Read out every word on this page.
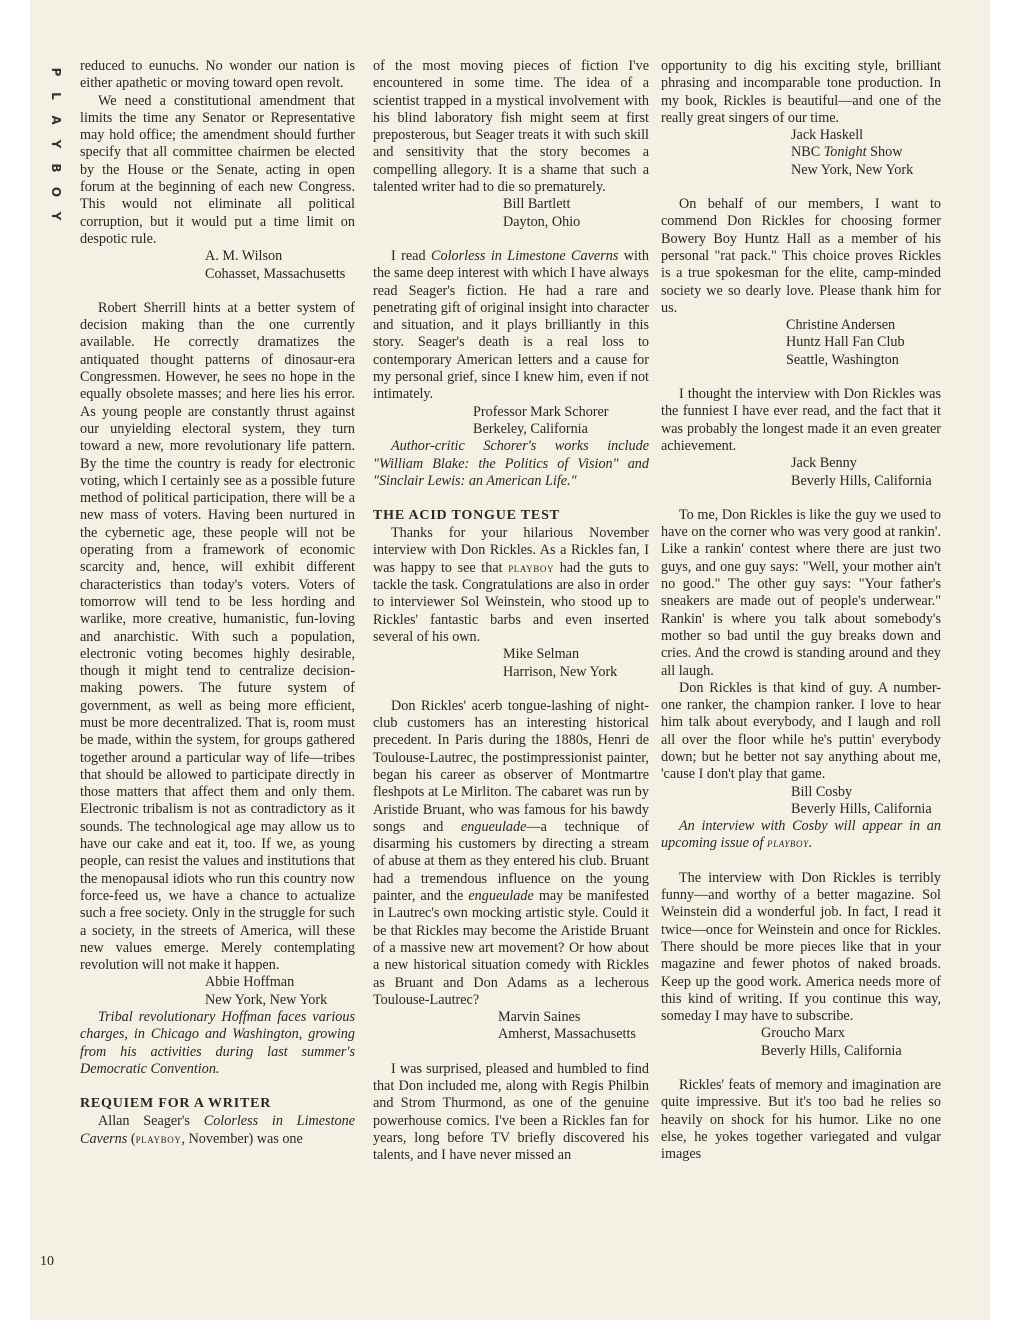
P
L
A
Y
B
O
Y
10

reduced to eunuchs. No wonder our nation is either apathetic or moving toward open revolt.

We need a constitutional amendment that limits the time any Senator or Representative may hold office; the amendment should further specify that all committee chairmen be elected by the House or the Senate, acting in open forum at the beginning of each new Congress. This would not eliminate all political corruption, but it would put a time limit on despotic rule.

A. M. Wilson

Cohasset, Massachusetts

Robert Sherrill hints at a better system of decision making than the one currently available. He correctly dramatizes the antiquated thought patterns of dinosaur-era Congressmen. However, he sees no hope in the equally obsolete masses; and here lies his error. As young people are constantly thrust against our unyielding electoral system, they turn toward a new, more revolutionary life pattern. By the time the country is ready for electronic voting, which I certainly see as a possible future method of political participation, there will be a new mass of voters. Having been nurtured in the cybernetic age, these people will not be operating from a framework of economic scarcity and, hence, will exhibit different characteristics than today's voters. Voters of tomorrow will tend to be less hording and warlike, more creative, humanistic, fun-loving and anarchistic. With such a population, electronic voting becomes highly desirable, though it might tend to centralize decision-making powers. The future system of government, as well as being more efficient, must be more decentralized. That is, room must be made, within the system, for groups gathered together around a particular way of life—tribes that should be allowed to participate directly in those matters that affect them and only them. Electronic tribalism is not as contradictory as it sounds. The technological age may allow us to have our cake and eat it, too. If we, as young people, can resist the values and institutions that the menopausal idiots who run this country now force-feed us, we have a chance to actualize such a free society. Only in the struggle for such a society, in the streets of America, will these new values emerge. Merely contemplating revolution will not make it happen.

Abbie Hoffman

New York, New York

Tribal revolutionary Hoffman faces various charges, in Chicago and Washington, growing from his activities during last summer's Democratic Convention.

REQUIEM FOR A WRITER

Allan Seager's Colorless in Limestone Caverns (playboy, November) was one

of the most moving pieces of fiction I've encountered in some time. The idea of a scientist trapped in a mystical involvement with his blind laboratory fish might seem at first preposterous, but Seager treats it with such skill and sensitivity that the story becomes a compelling allegory. It is a shame that such a talented writer had to die so prematurely.

Bill Bartlett

Dayton, Ohio

I read Colorless in Limestone Caverns with the same deep interest with which I have always read Seager's fiction. He had a rare and penetrating gift of original insight into character and situation, and it plays brilliantly in this story. Seager's death is a real loss to contemporary American letters and a cause for my personal grief, since I knew him, even if not intimately.

Professor Mark Schorer

Berkeley, California

Author-critic Schorer's works include "William Blake: the Politics of Vision" and "Sinclair Lewis: an American Life."

THE ACID TONGUE TEST

Thanks for your hilarious November interview with Don Rickles. As a Rickles fan, I was happy to see that playboy had the guts to tackle the task. Congratulations are also in order to interviewer Sol Weinstein, who stood up to Rickles' fantastic barbs and even inserted several of his own.

Mike Selman

Harrison, New York

Don Rickles' acerb tongue-lashing of night-club customers has an interesting historical precedent. In Paris during the 1880s, Henri de Toulouse-Lautrec, the postimpressionist painter, began his career as observer of Montmartre fleshpots at Le Mirliton. The cabaret was run by Aristide Bruant, who was famous for his bawdy songs and engueulade—a technique of disarming his customers by directing a stream of abuse at them as they entered his club. Bruant had a tremendous influence on the young painter, and the engueulade may be manifested in Lautrec's own mocking artistic style. Could it be that Rickles may become the Aristide Bruant of a massive new art movement? Or how about a new historical situation comedy with Rickles as Bruant and Don Adams as a lecherous Toulouse-Lautrec?

Marvin Saines

Amherst, Massachusetts

I was surprised, pleased and humbled to find that Don included me, along with Regis Philbin and Strom Thurmond, as one of the genuine powerhouse comics. I've been a Rickles fan for years, long before TV briefly discovered his talents, and I have never missed an

opportunity to dig his exciting style, brilliant phrasing and incomparable tone production. In my book, Rickles is beautiful—and one of the really great singers of our time.

Jack Haskell

NBC Tonight Show

New York, New York

On behalf of our members, I want to commend Don Rickles for choosing former Bowery Boy Huntz Hall as a member of his personal "rat pack." This choice proves Rickles is a true spokesman for the elite, camp-minded society we so dearly love. Please thank him for us.

Christine Andersen

Huntz Hall Fan Club

Seattle, Washington

I thought the interview with Don Rickles was the funniest I have ever read, and the fact that it was probably the longest made it an even greater achievement.

Jack Benny

Beverly Hills, California

To me, Don Rickles is like the guy we used to have on the corner who was very good at rankin'. Like a rankin' contest where there are just two guys, and one guy says: "Well, your mother ain't no good." The other guy says: "Your father's sneakers are made out of people's underwear." Rankin' is where you talk about somebody's mother so bad until the guy breaks down and cries. And the crowd is standing around and they all laugh.

Don Rickles is that kind of guy. A number-one ranker, the champion ranker. I love to hear him talk about everybody, and I laugh and roll all over the floor while he's puttin' everybody down; but he better not say anything about me, 'cause I don't play that game.

Bill Cosby

Beverly Hills, California

An interview with Cosby will appear in an upcoming issue of playboy.

The interview with Don Rickles is terribly funny—and worthy of a better magazine. Sol Weinstein did a wonderful job. In fact, I read it twice—once for Weinstein and once for Rickles. There should be more pieces like that in your magazine and fewer photos of naked broads. Keep up the good work. America needs more of this kind of writing. If you continue this way, someday I may have to subscribe.

Groucho Marx

Beverly Hills, California

Rickles' feats of memory and imagination are quite impressive. But it's too bad he relies so heavily on shock for his humor. Like no one else, he yokes together variegated and vulgar images
